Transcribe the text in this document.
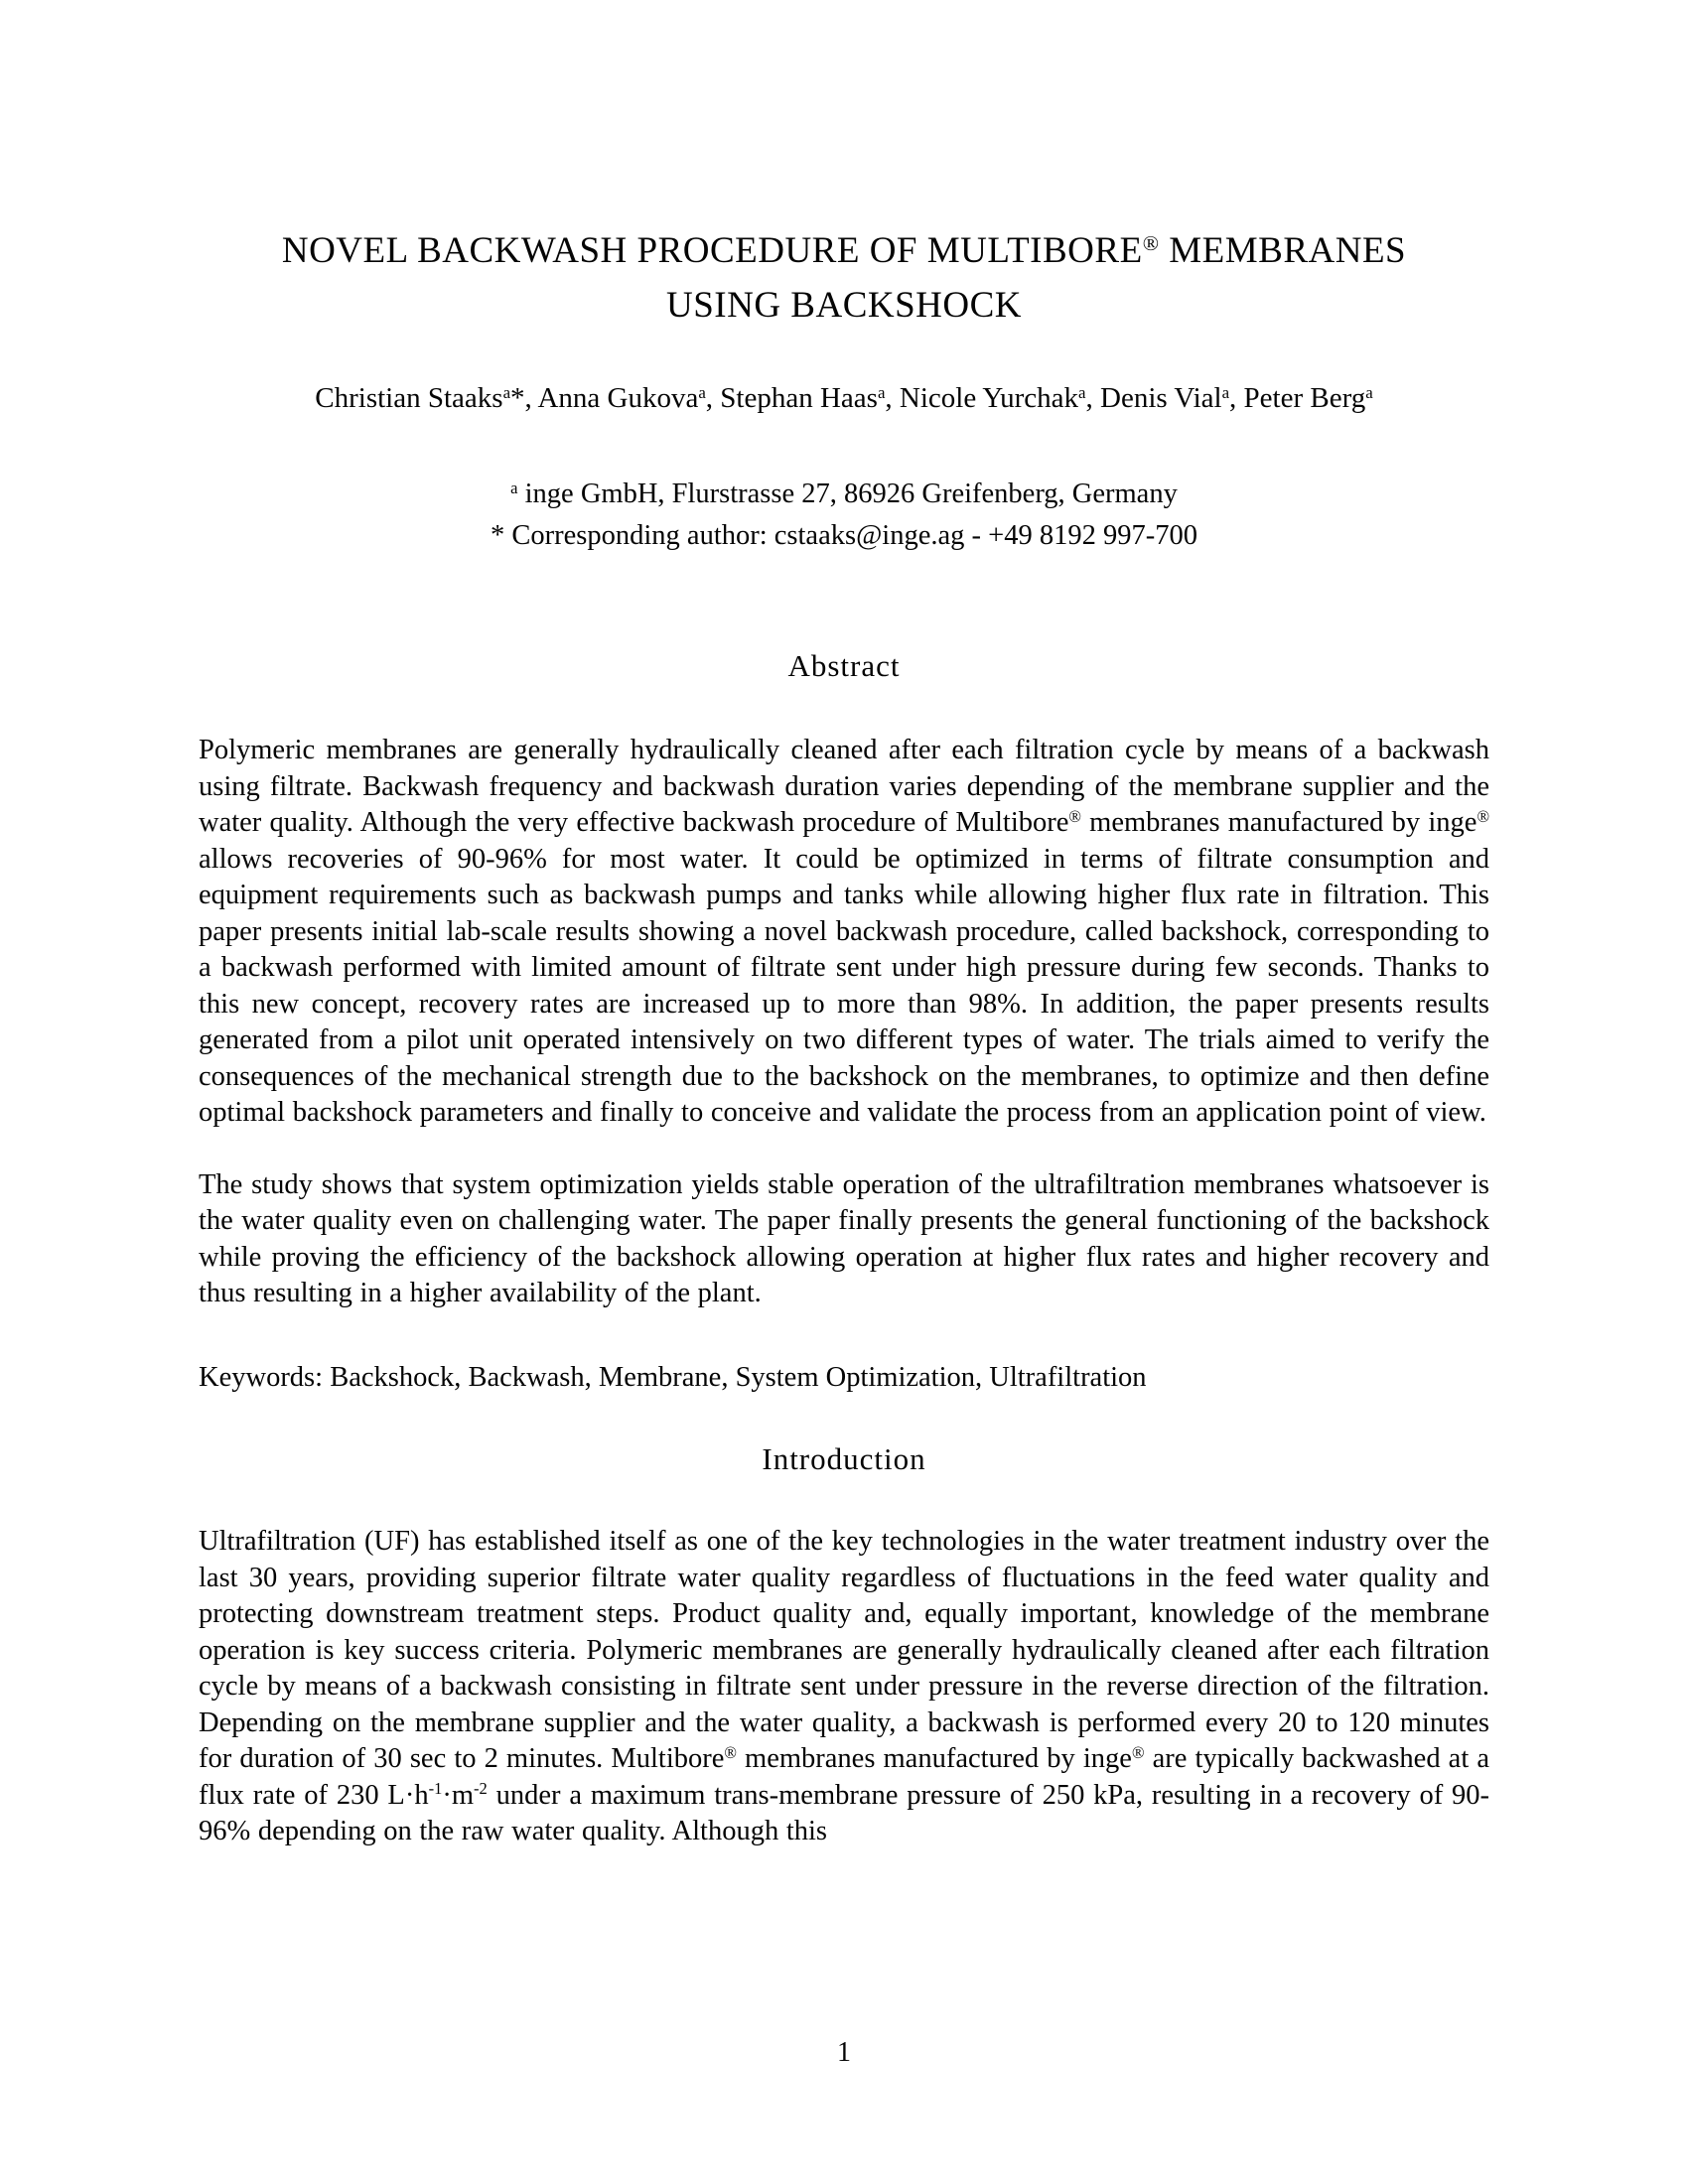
NOVEL BACKWASH PROCEDURE OF MULTIBORE® MEMBRANES
USING BACKSHOCK

Christian Staaks$^a$*, Anna Gukova$^a$, Stephan Haas$^a$, Nicole Yurchak$^a$, Denis Vial$^a$, Peter Berg$^a$

$^a$ inge GmbH, Flurstrasse 27, 86926 Greifenberg, Germany

* Corresponding author: cstaaks@inge.ag - +49 8192 997-700

Abstract

Polymeric membranes are generally hydraulically cleaned after each filtration cycle by means of a backwash using filtrate. Backwash frequency and backwash duration varies depending of the membrane supplier and the water quality. Although the very effective backwash procedure of Multibore® membranes manufactured by inge® allows recoveries of 90-96% for most water. It could be optimized in terms of filtrate consumption and equipment requirements such as backwash pumps and tanks while allowing higher flux rate in filtration. This paper presents initial lab-scale results showing a novel backwash procedure, called backshock, corresponding to a backwash performed with limited amount of filtrate sent under high pressure during few seconds. Thanks to this new concept, recovery rates are increased up to more than 98%. In addition, the paper presents results generated from a pilot unit operated intensively on two different types of water. The trials aimed to verify the consequences of the mechanical strength due to the backshock on the membranes, to optimize and then define optimal backshock parameters and finally to conceive and validate the process from an application point of view.

The study shows that system optimization yields stable operation of the ultrafiltration membranes whatsoever is the water quality even on challenging water. The paper finally presents the general functioning of the backshock while proving the efficiency of the backshock allowing operation at higher flux rates and higher recovery and thus resulting in a higher availability of the plant.

Keywords: Backshock, Backwash, Membrane, System Optimization, Ultrafiltration

Introduction

Ultrafiltration (UF) has established itself as one of the key technologies in the water treatment industry over the last 30 years, providing superior filtrate water quality regardless of fluctuations in the feed water quality and protecting downstream treatment steps. Product quality and, equally important, knowledge of the membrane operation is key success criteria. Polymeric membranes are generally hydraulically cleaned after each filtration cycle by means of a backwash consisting in filtrate sent under pressure in the reverse direction of the filtration. Depending on the membrane supplier and the water quality, a backwash is performed every 20 to 120 minutes for duration of 30 sec to 2 minutes. Multibore® membranes manufactured by inge® are typically backwashed at a flux rate of 230 $L\cdot h^{-1}\cdot m^{-2}$ under a maximum trans-membrane pressure of 250 kPa, resulting in a recovery of 90-96% depending on the raw water quality. Although this

1
